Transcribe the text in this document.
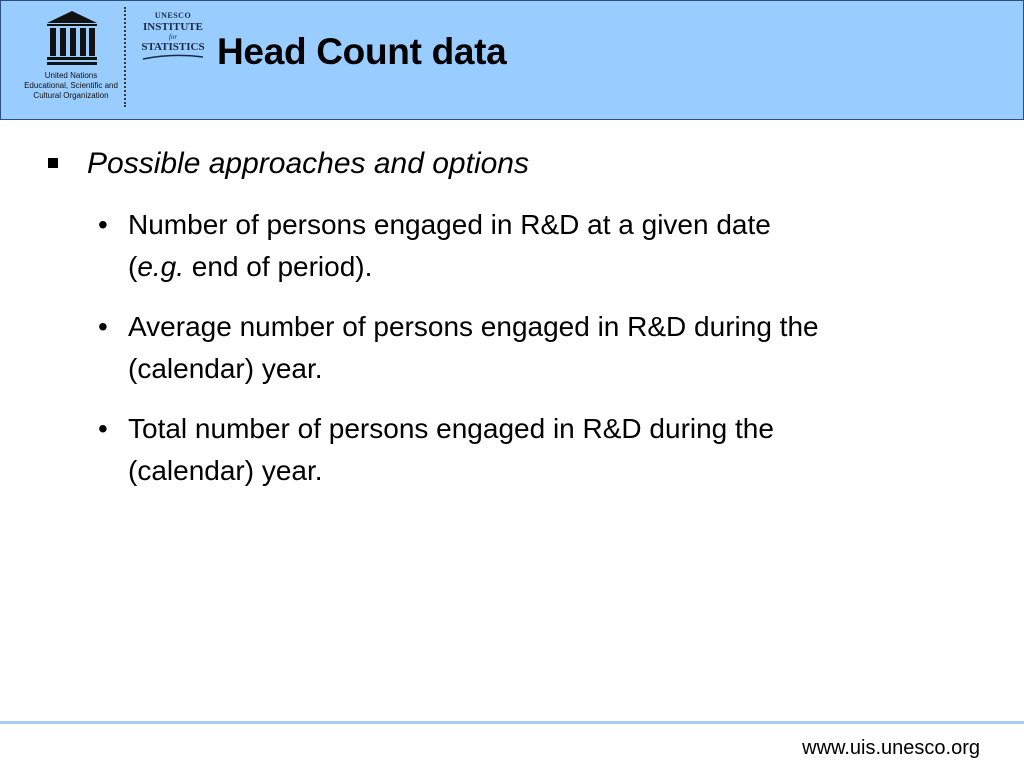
United Nations
Educational, Scientific and
Cultural Organization
UNESCO
INSTITUTE
for
STATISTICS Head Count data
Possible approaches and options
• Number of persons engaged in R&D at a given date
(e.g. end of period).
• Average number of persons engaged in R&D during the
(calendar) year.
• Total number of persons engaged in R&D during the
(calendar) year.
www.uis.unesco.org
